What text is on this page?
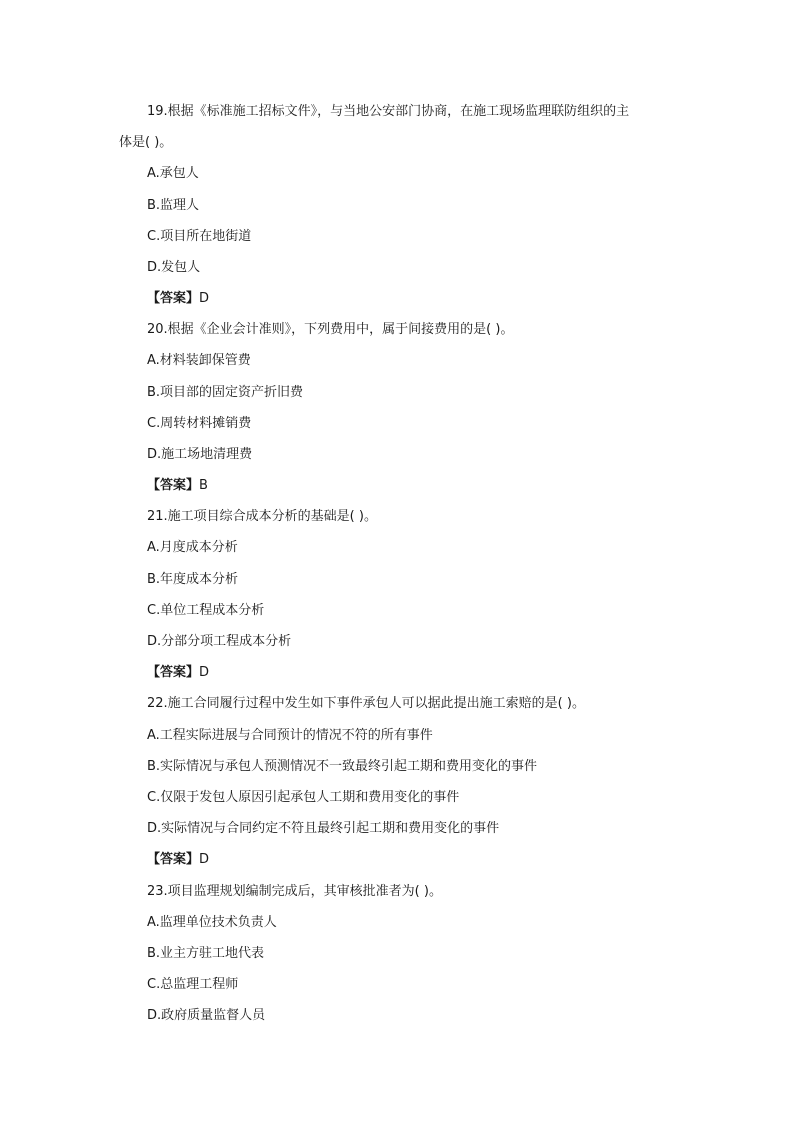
19.根据《标准施工招标文件》，与当地公安部门协商，在施工现场监理联防组织的主
体是( )。
A.承包人
B.监理人
C.项目所在地街道
D.发包人
【答案】D
20.根据《企业会计准则》，下列费用中，属于间接费用的是( )。
A.材料装卸保管费
B.项目部的固定资产折旧费
C.周转材料摊销费
D.施工场地清理费
【答案】B
21.施工项目综合成本分析的基础是( )。
A.月度成本分析
B.年度成本分析
C.单位工程成本分析
D.分部分项工程成本分析
【答案】D
22.施工合同履行过程中发生如下事件承包人可以据此提出施工索赔的是( )。
A.工程实际进展与合同预计的情况不符的所有事件
B.实际情况与承包人预测情况不一致最终引起工期和费用变化的事件
C.仅限于发包人原因引起承包人工期和费用变化的事件
D.实际情况与合同约定不符且最终引起工期和费用变化的事件
【答案】D
23.项目监理规划编制完成后，其审核批准者为( )。
A.监理单位技术负责人
B.业主方驻工地代表
C.总监理工程师
D.政府质量监督人员
